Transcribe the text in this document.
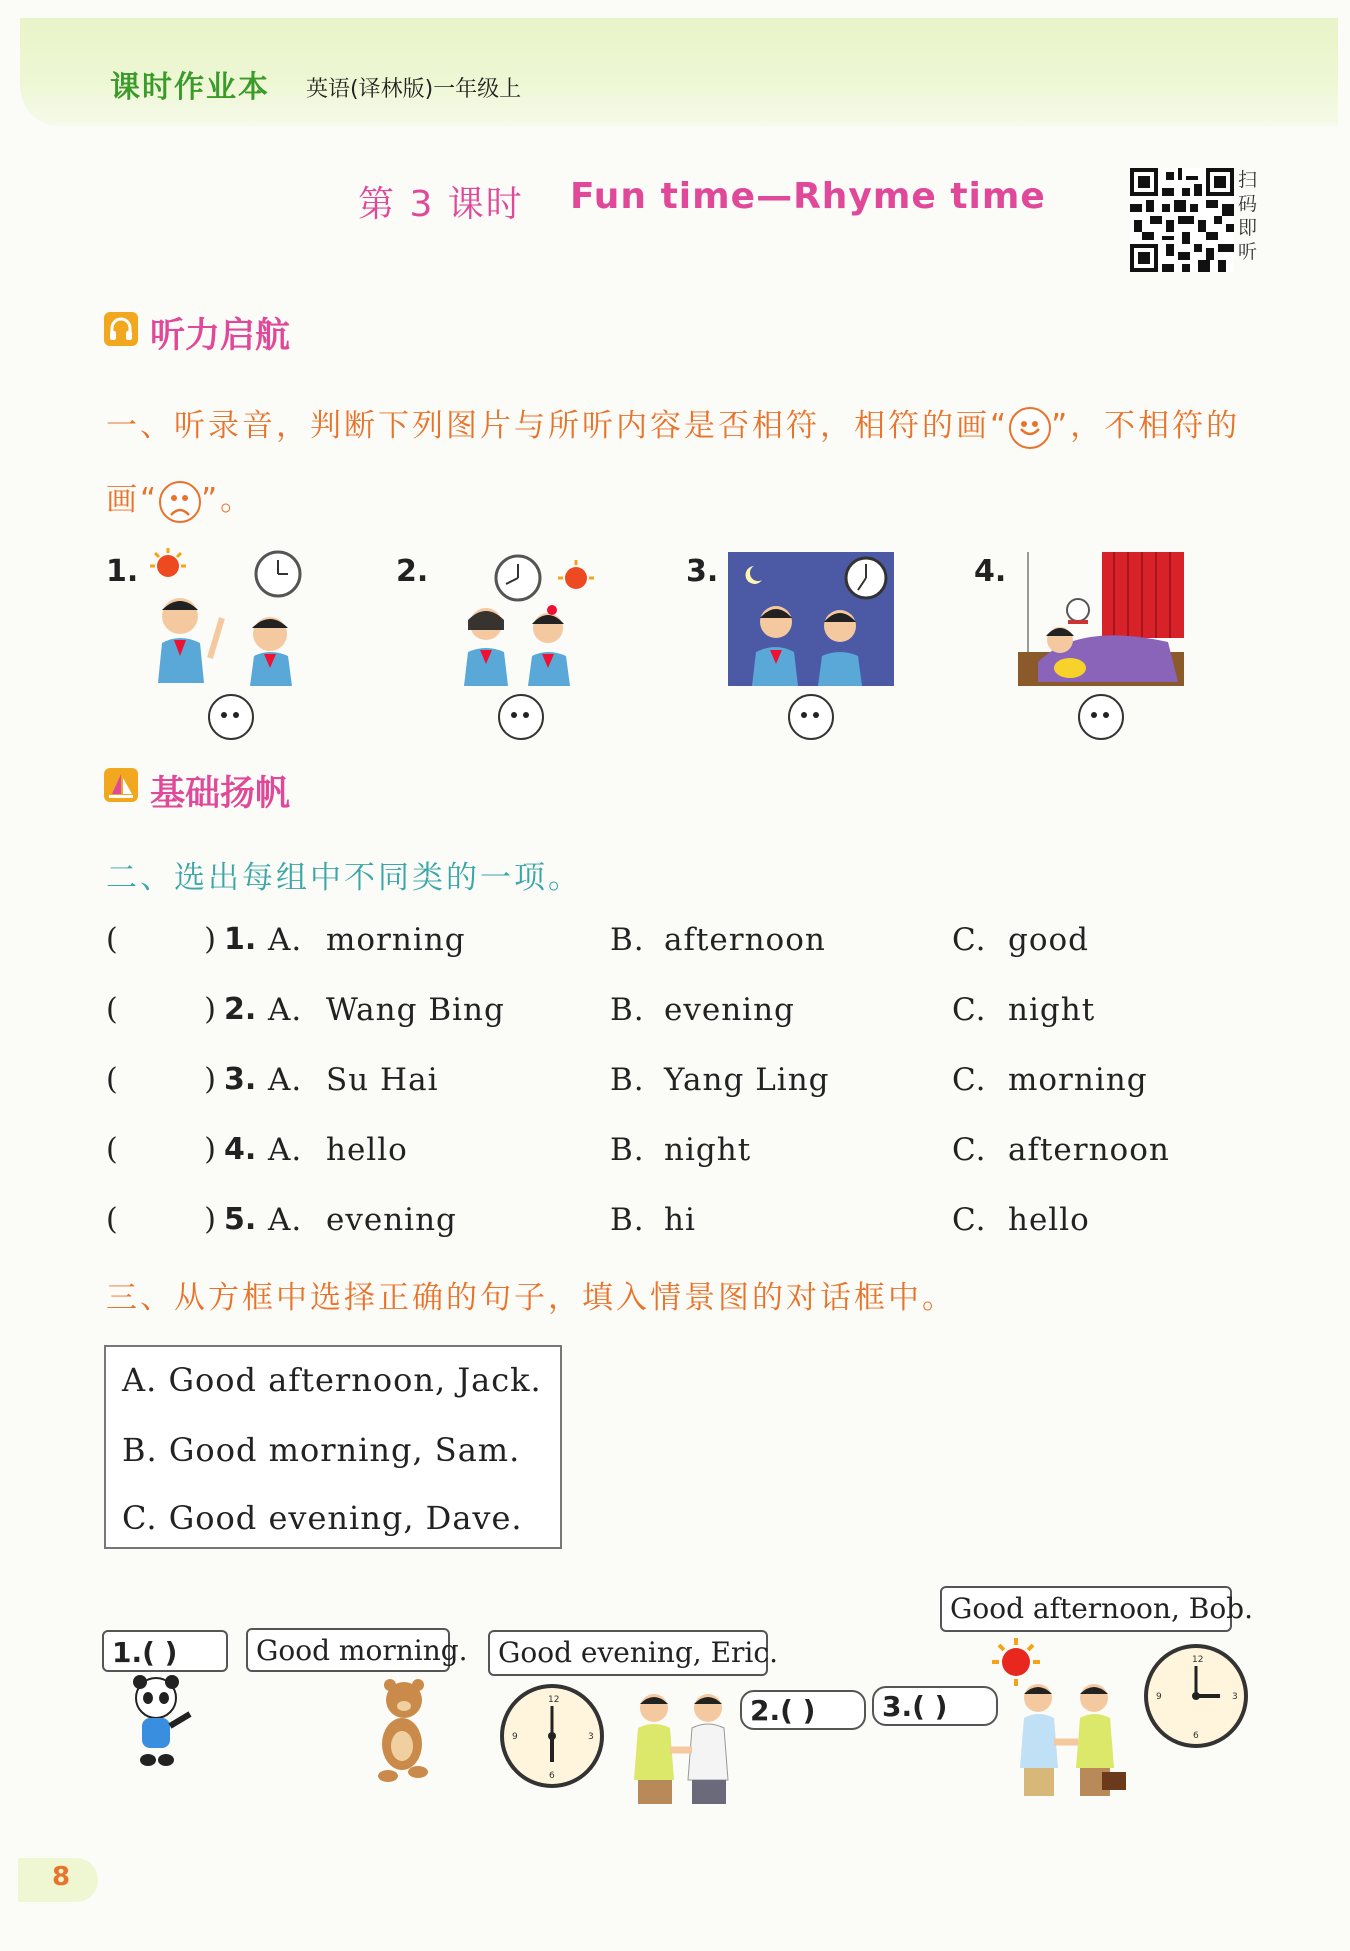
课时作业本 英语(译林版)一年级上
第 3 课时 Fun time—Rhyme time	扫码即听
听力启航
一、听录音，判断下列图片与所听内容是否相符，相符的画“ ”，不相符的
画“ ”。
1.	2.	3.	4.
基础扬帆
二、选出每组中不同类的一项。
(	) 1. A. morning	B. afternoon	C. good
(	) 2. A. Wang Bing	B. evening	C. night
(	) 3. A. Su Hai	B. Yang Ling	C. morning
(	) 4. A. hello	B. night	C. afternoon
(	) 5. A. evening	B. hi	C. hello
三、从方框中选择正确的句子，填入情景图的对话框中。
A. Good afternoon, Jack.
B. Good morning, Sam.
C. Good evening, Dave.
1.( )	Good morning.	Good evening, Eric.
2.( )	3.( )
Good afternoon, Bob.
12
3
6
9
12
3
6
9
8
